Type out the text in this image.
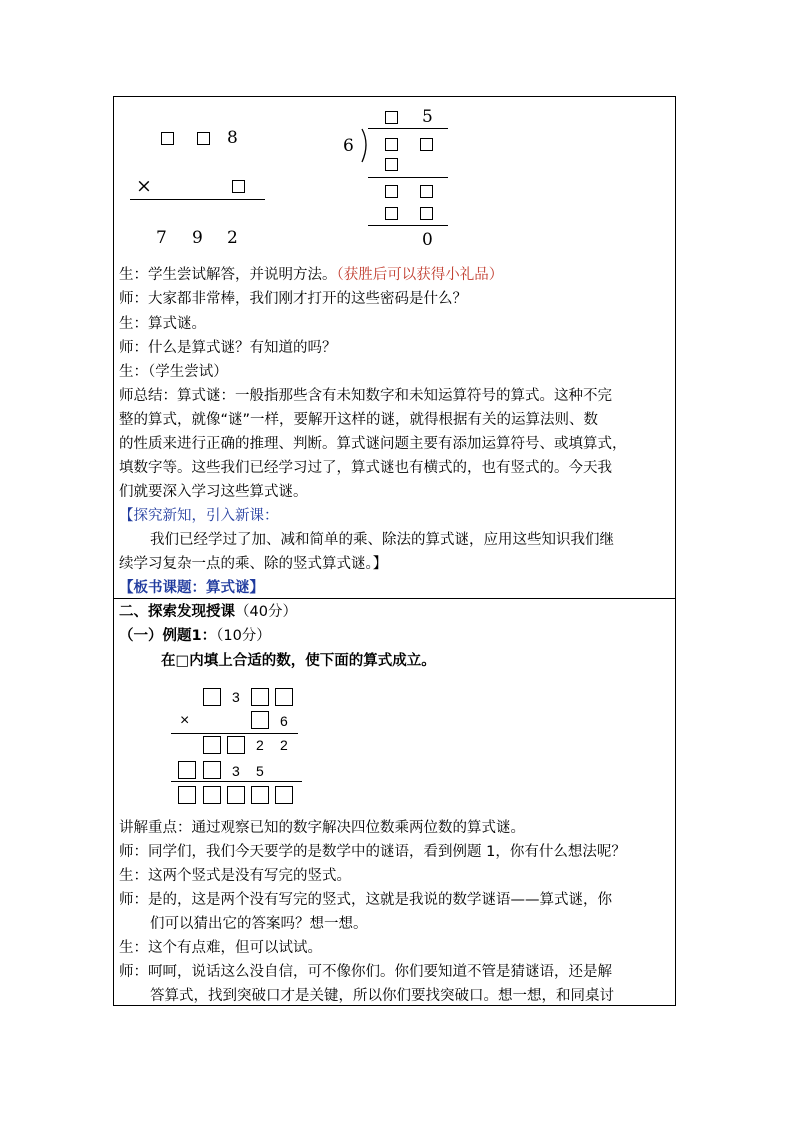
8
×
7 9 2
5
6
0
生：学生尝试解答，并说明方法。（获胜后可以获得小礼品）
师：大家都非常棒，我们刚才打开的这些密码是什么？
生：算式谜。
师：什么是算式谜？有知道的吗？
生：（学生尝试）
师总结：算式谜：一般指那些含有未知数字和未知运算符号的算式。这种不完
整的算式，就像“谜”一样，要解开这样的谜，就得根据有关的运算法则、数
的性质来进行正确的推理、判断。算式谜问题主要有添加运算符号、或填算式，
填数字等。这些我们已经学习过了，算式谜也有横式的，也有竖式的。今天我
们就要深入学习这些算式谜。
【探究新知，引入新课：
我们已经学过了加、减和简单的乘、除法的算式谜，应用这些知识我们继
续学习复杂一点的乘、除的竖式算式谜。】
【板书课题：算式谜】
二、探索发现授课（40分）
（一）例题1：（10分）
在□内填上合适的数，使下面的算式成立。
3
×	6
2 2
3 5
讲解重点：通过观察已知的数字解决四位数乘两位数的算式谜。
师：同学们，我们今天要学的是数学中的谜语，看到例题 1，你有什么想法呢？
生：这两个竖式是没有写完的竖式。
师：是的，这是两个没有写完的竖式，这就是我说的数学谜语——算式谜，你
们可以猜出它的答案吗？想一想。
生：这个有点难，但可以试试。
师：呵呵，说话这么没自信，可不像你们。你们要知道不管是猜谜语，还是解
答算式，找到突破口才是关键，所以你们要找突破口。想一想，和同桌讨
